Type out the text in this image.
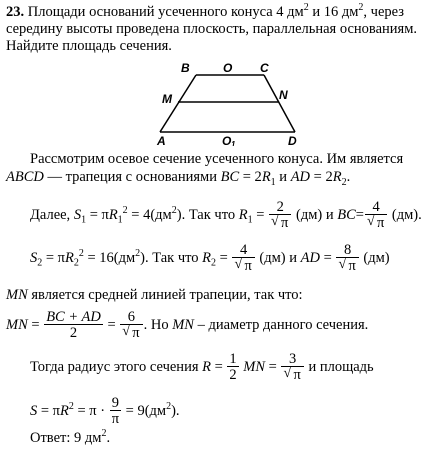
23. Площади оснований усеченного конуса 4 $дм^2$ и 16 $дм^2$, через
середину высоты проведена плоскость, параллельная основаниям.
Найдите площадь сечения.
B	O C
M	N
A	O 1	D
Рассмотрим осевое сечение усеченного конуса. Им является
ABCD — трапеция с основаниями BC = $2R_1$ и AD = $2R_2$.
Далее, $S_1 = \pi R_1^2 = 4(дм^2)$. Так что $R_1 = 2$
√ π (дм) и BC= 4
√ π (дм).
$S_2 = \pi R_2^2 = 16(дм^2)$. Так что $R_2 = 4$
√ π (дм) и AD = 8
√ π (дм)
MN является средней линией трапеции, так что:
MN = $\frac{BC + AD}{2} = 6$
√ π . Но MN – диаметр данного сечения.
Тогда радиус этого сечения $R = \frac{1}{2}$ MN = 3
√ π и площадь
$S = \pi R^2 = \pi \cdot \frac{9}{\pi} = 9(дм^2)$.
Ответ: 9 $дм^2$.
